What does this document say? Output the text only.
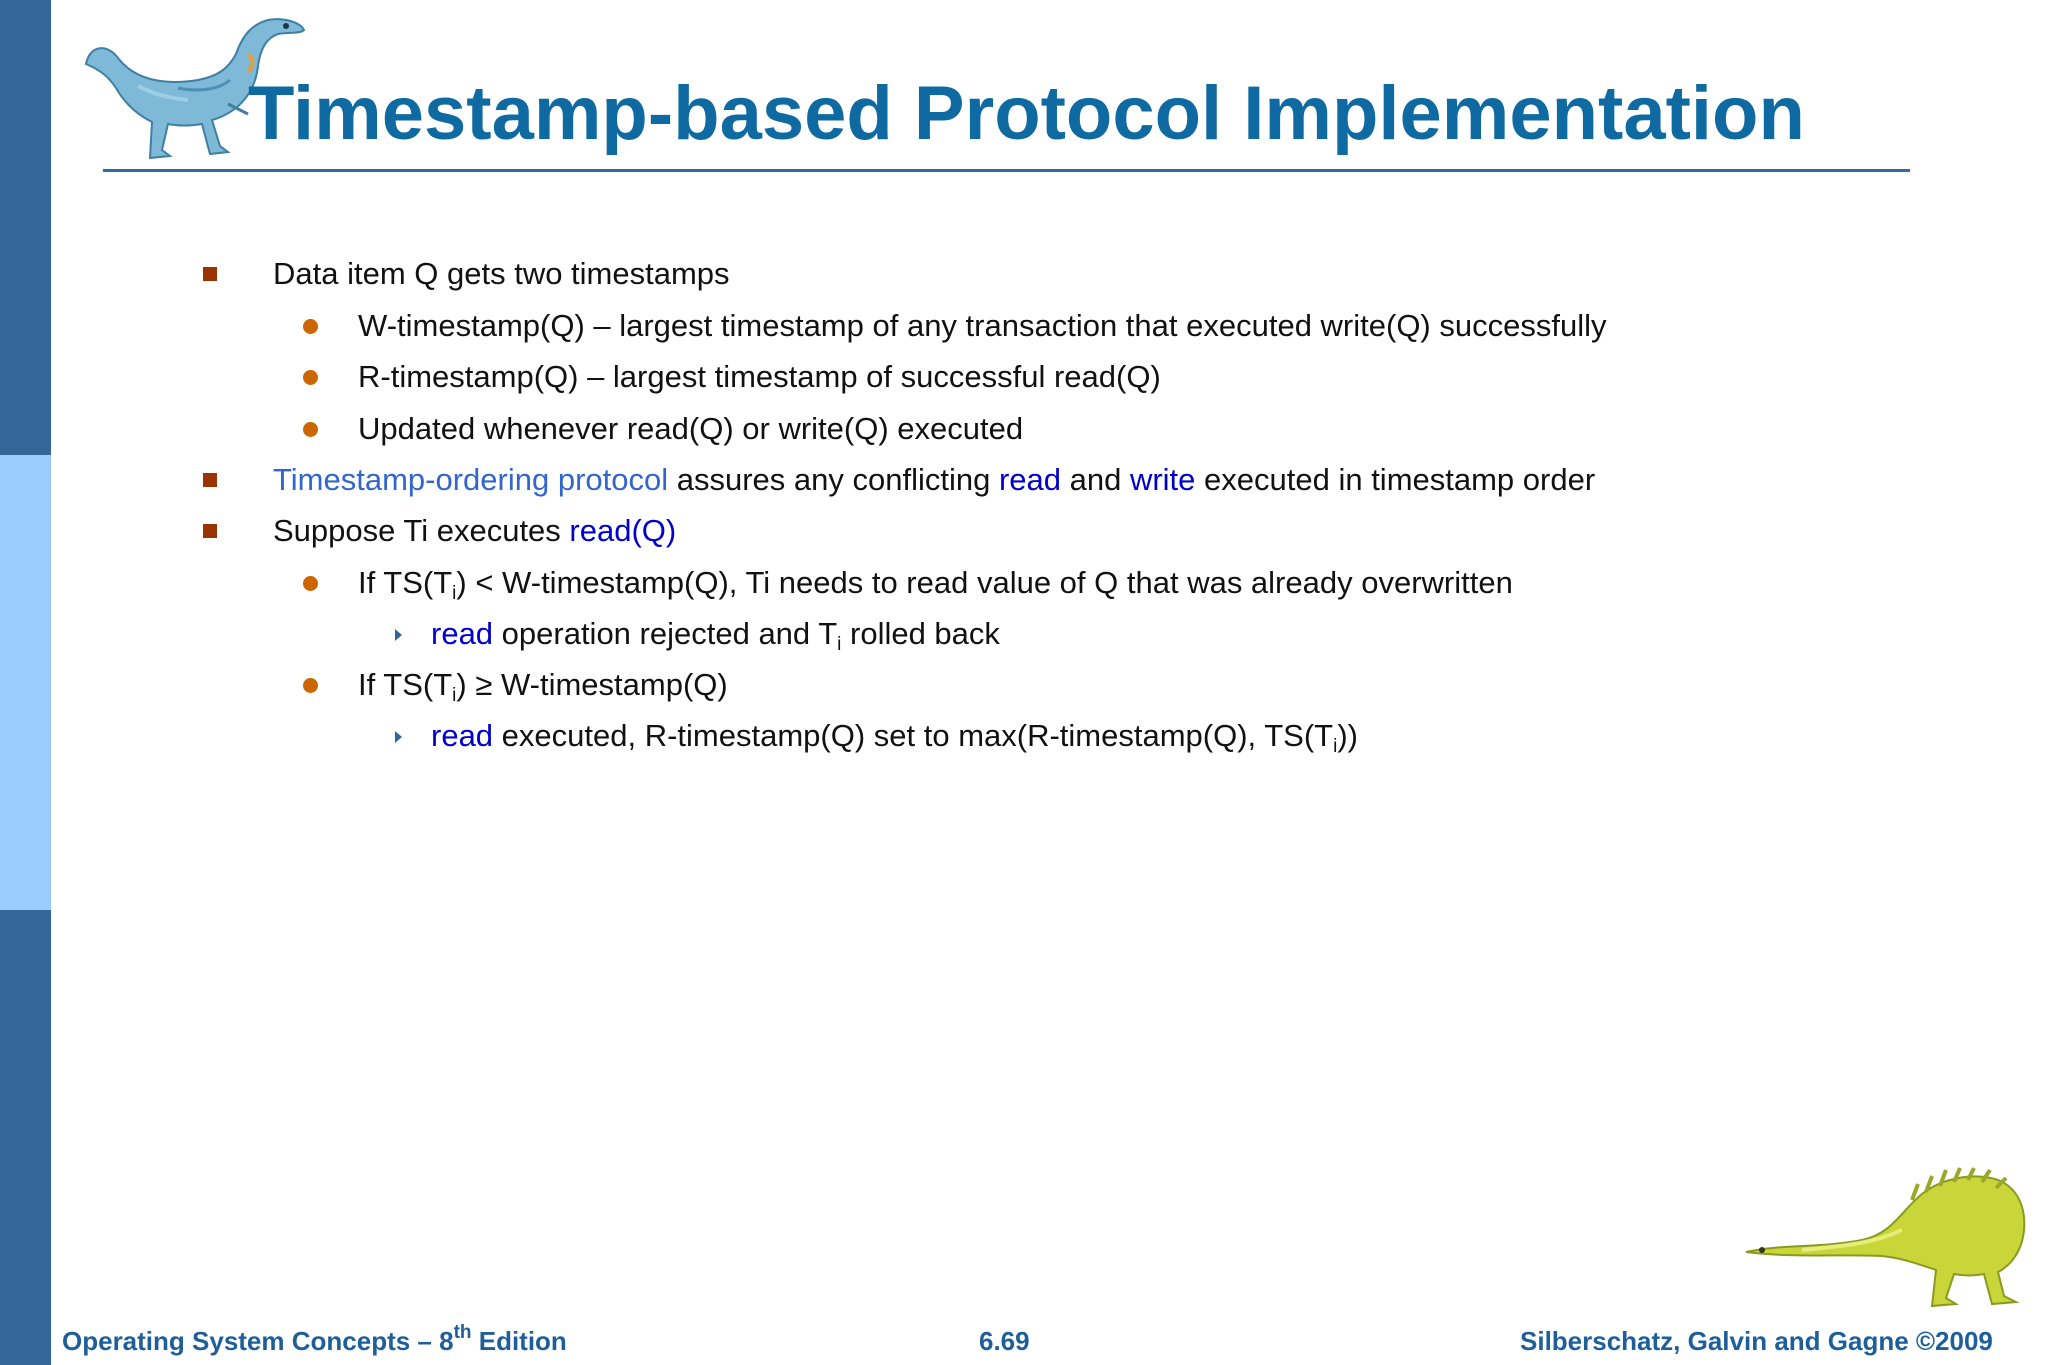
Timestamp-based Protocol Implementation
Data item Q gets two timestamps
W-timestamp(Q) – largest timestamp of any transaction that executed write(Q) successfully
R-timestamp(Q) – largest timestamp of successful read(Q)
Updated whenever read(Q) or write(Q) executed
Timestamp-ordering protocol assures any conflicting read and write executed in timestamp order
Suppose Ti executes read(Q)
If $TS(T_i)$ < W-timestamp(Q), Ti needs to read value of Q that was already overwritten
read operation rejected and $T_i$ rolled back
If $TS(T_i)$ ≥ W-timestamp(Q)
read executed, R-timestamp(Q) set to max(R-timestamp(Q), $TS(T_i)$)
Operating System Concepts – 8th Edition	6.69	Silberschatz, Galvin and Gagne ©2009
